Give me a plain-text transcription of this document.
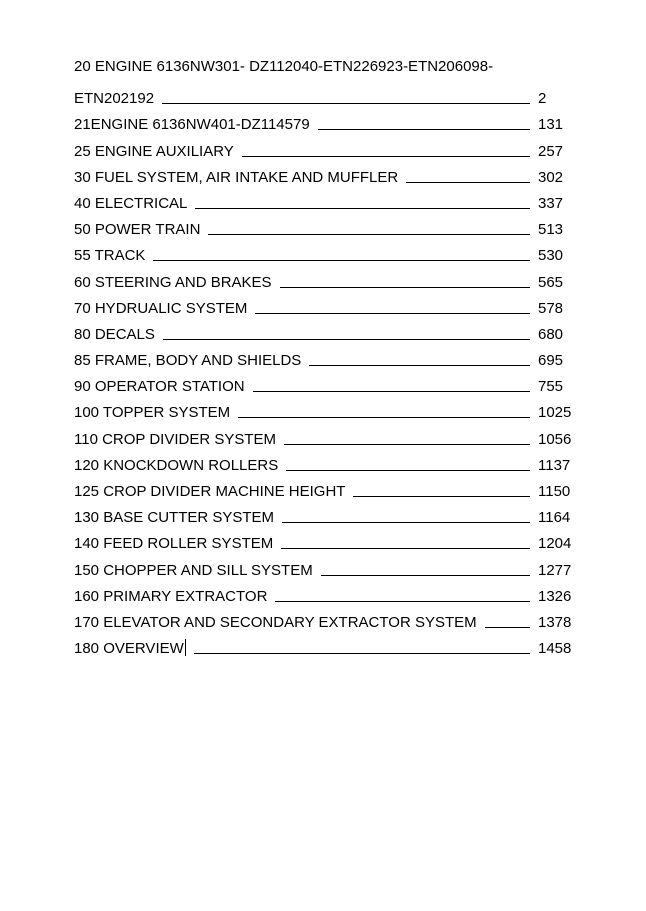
20 ENGINE 6136NW301- DZ112040-ETN226923-ETN206098-
ETN202192	2
21ENGINE 6136NW401-DZ114579	131
25 ENGINE AUXILIARY	257
30 FUEL SYSTEM, AIR INTAKE AND MUFFLER	302
40 ELECTRICAL	337
50 POWER TRAIN	513
55 TRACK	530
60 STEERING AND BRAKES	565
70 HYDRUALIC SYSTEM	578
80 DECALS	680
85 FRAME, BODY AND SHIELDS	695
90 OPERATOR STATION	755
100 TOPPER SYSTEM	1025
110 CROP DIVIDER SYSTEM	1056
120 KNOCKDOWN ROLLERS	1137
125 CROP DIVIDER MACHINE HEIGHT	1150
130 BASE CUTTER SYSTEM	1164
140 FEED ROLLER SYSTEM	1204
150 CHOPPER AND SILL SYSTEM	1277
160 PRIMARY EXTRACTOR	1326
170 ELEVATOR AND SECONDARY EXTRACTOR SYSTEM	1378
180 OVERVIEW	1458
